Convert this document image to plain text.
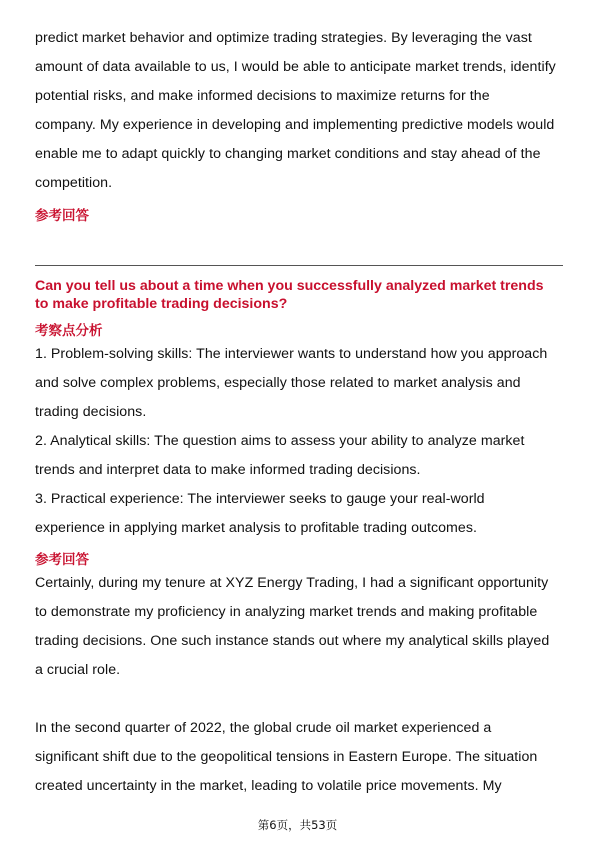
predict market behavior and optimize trading strategies. By leveraging the vast
amount of data available to us, I would be able to anticipate market trends, identify
potential risks, and make informed decisions to maximize returns for the
company. My experience in developing and implementing predictive models would
enable me to adapt quickly to changing market conditions and stay ahead of the
competition.

参考回答

Can you tell us about a time when you successfully analyzed market trends
to make profitable trading decisions?

考察点分析

1. Problem-solving skills: The interviewer wants to understand how you approach
and solve complex problems, especially those related to market analysis and
trading decisions.

2. Analytical skills: The question aims to assess your ability to analyze market
trends and interpret data to make informed trading decisions.

3. Practical experience: The interviewer seeks to gauge your real-world
experience in applying market analysis to profitable trading outcomes.

参考回答

Certainly, during my tenure at XYZ Energy Trading, I had a significant opportunity
to demonstrate my proficiency in analyzing market trends and making profitable
trading decisions. One such instance stands out where my analytical skills played
a crucial role.

In the second quarter of 2022, the global crude oil market experienced a
significant shift due to the geopolitical tensions in Eastern Europe. The situation
created uncertainty in the market, leading to volatile price movements. My

第6页，共53页
